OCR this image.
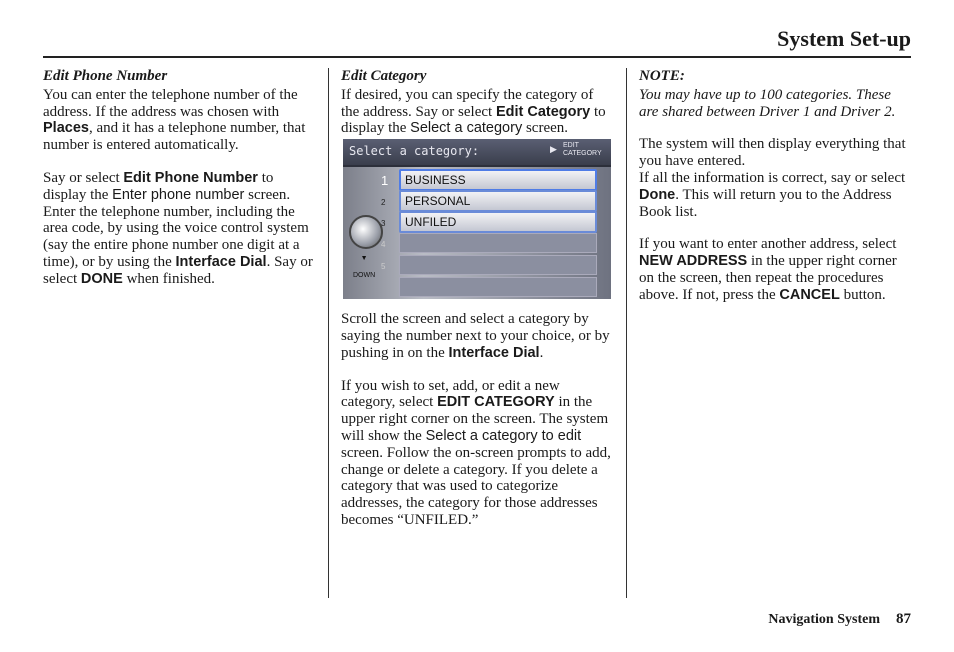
System Set-up
Edit Phone Number

You can enter the telephone number of the address. If the address was chosen with Places, and it has a telephone number, that number is entered automatically.

Say or select Edit Phone Number to display the Enter phone number screen. Enter the telephone number, including the area code, by using the voice control system (say the entire phone number one digit at a time), or by using the Interface Dial. Say or select DONE when finished.

Edit Category

If desired, you can specify the category of the address. Say or select Edit Category to display the Select a category screen.

Select a category:	▶ EDIT CATEGORY
1	BUSINESS
2	PERSONAL
3	UNFILED
4
5
▼
DOWN

Scroll the screen and select a category by saying the number next to your choice, or by pushing in on the Interface Dial.

If you wish to set, add, or edit a new category, select EDIT CATEGORY in the upper right corner on the screen. The system will show the Select a category to edit screen. Follow the on-screen prompts to add, change or delete a category. If you delete a category that was used to categorize addresses, the category for those addresses becomes “UNFILED.”

NOTE:

You may have up to 100 categories. These are shared between Driver 1 and Driver 2.

The system will then display everything that you have entered.
If all the information is correct, say or select Done. This will return you to the Address Book list.

If you want to enter another address, select NEW ADDRESS in the upper right corner on the screen, then repeat the procedures above. If not, press the CANCEL button.

Navigation System 87
